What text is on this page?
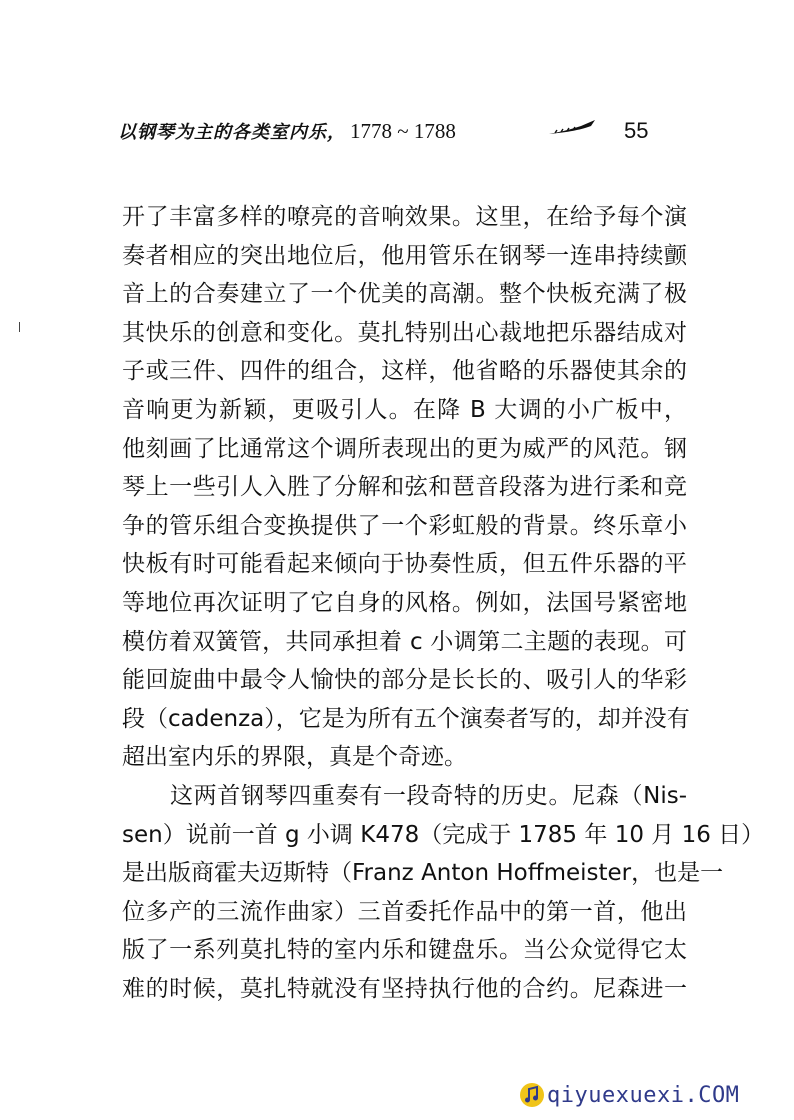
以钢琴为主的各类室内乐， 1778 ~ 1788	55
开了丰富多样的嘹亮的音响效果。这里，在给予每个演
奏者相应的突出地位后，他用管乐在钢琴一连串持续颤
音上的合奏建立了一个优美的高潮。整个快板充满了极
其快乐的创意和变化。莫扎特别出心裁地把乐器结成对
子或三件、四件的组合，这样，他省略的乐器使其余的
音响更为新颖，更吸引人。在降 B 大调的小广板中，
他刻画了比通常这个调所表现出的更为威严的风范。钢
琴上一些引人入胜了分解和弦和琶音段落为进行柔和竞
争的管乐组合变换提供了一个彩虹般的背景。终乐章小
快板有时可能看起来倾向于协奏性质，但五件乐器的平
等地位再次证明了它自身的风格。例如，法国号紧密地
模仿着双簧管，共同承担着 c 小调第二主题的表现。可
能回旋曲中最令人愉快的部分是长长的、吸引人的华彩
段（cadenza），它是为所有五个演奏者写的，却并没有
超出室内乐的界限，真是个奇迹。
这两首钢琴四重奏有一段奇特的历史。尼森（Nis-
sen）说前一首 g 小调 K478（完成于 1785 年 10 月 16 日）
是出版商霍夫迈斯特（Franz Anton Hoffmeister，也是一
位多产的三流作曲家）三首委托作品中的第一首，他出
版了一系列莫扎特的室内乐和键盘乐。当公众觉得它太
难的时候，莫扎特就没有坚持执行他的合约。尼森进一
qiyuexuexi.COM
